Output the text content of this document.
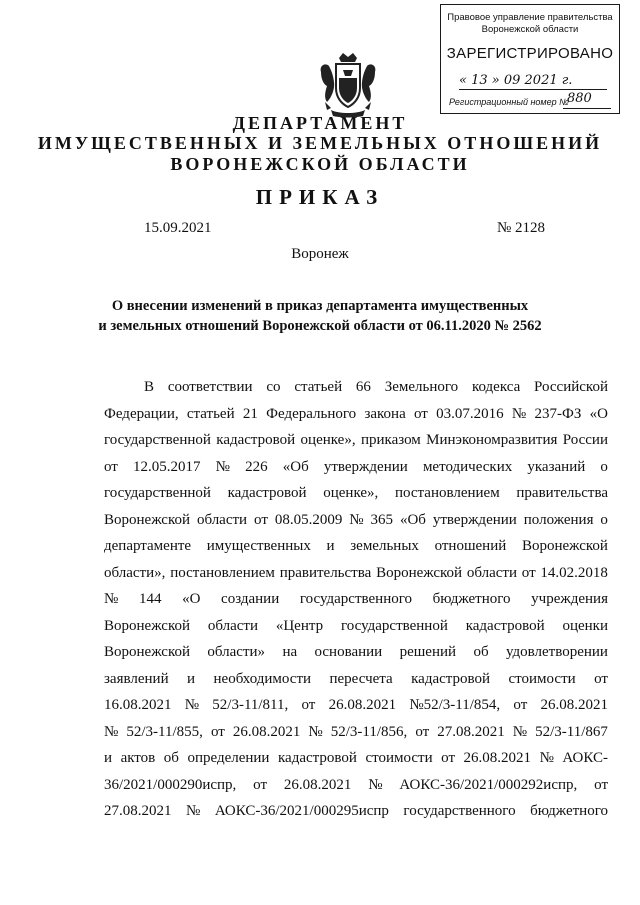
Правовое управление правительства
Воронежской области
ЗАРЕГИСТРИРОВАНО
« 13 » 09 2021 г.
Регистрационный номер №
880
ДЕПАРТАМЕНТ
ИМУЩЕСТВЕННЫХ И ЗЕМЕЛЬНЫХ ОТНОШЕНИЙ
ВОРОНЕЖСКОЙ ОБЛАСТИ
ПРИКАЗ
15.09.2021	№ 2128
Воронеж
О внесении изменений в приказ департамента имущественных
и земельных отношений Воронежской области от 06.11.2020 № 2562
В соответствии со статьей 66 Земельного кодекса Российской
Федерации, статьей 21 Федерального закона от 03.07.2016 № 237-ФЗ «О
государственной кадастровой оценке», приказом Минэкономразвития России
от 12.05.2017 № 226 «Об утверждении методических указаний о
государственной кадастровой оценке», постановлением правительства
Воронежской области от 08.05.2009 № 365 «Об утверждении положения о
департаменте имущественных и земельных отношений Воронежской
области», постановлением правительства Воронежской области от 14.02.2018
№ 144 «О создании государственного бюджетного учреждения
Воронежской области «Центр государственной кадастровой оценки
Воронежской области» на основании решений об удовлетворении
заявлений и необходимости пересчета кадастровой стоимости от
16.08.2021 № 52/3-11/811, от 26.08.2021 №52/3-11/854, от 26.08.2021
№ 52/3-11/855, от 26.08.2021 № 52/3-11/856, от 27.08.2021 № 52/3-11/867
и актов об определении кадастровой стоимости от 26.08.2021 № АОКС-
36/2021/000290испр, от 26.08.2021 № АОКС-36/2021/000292испр, от
27.08.2021 № АОКС-36/2021/000295испр государственного бюджетного
